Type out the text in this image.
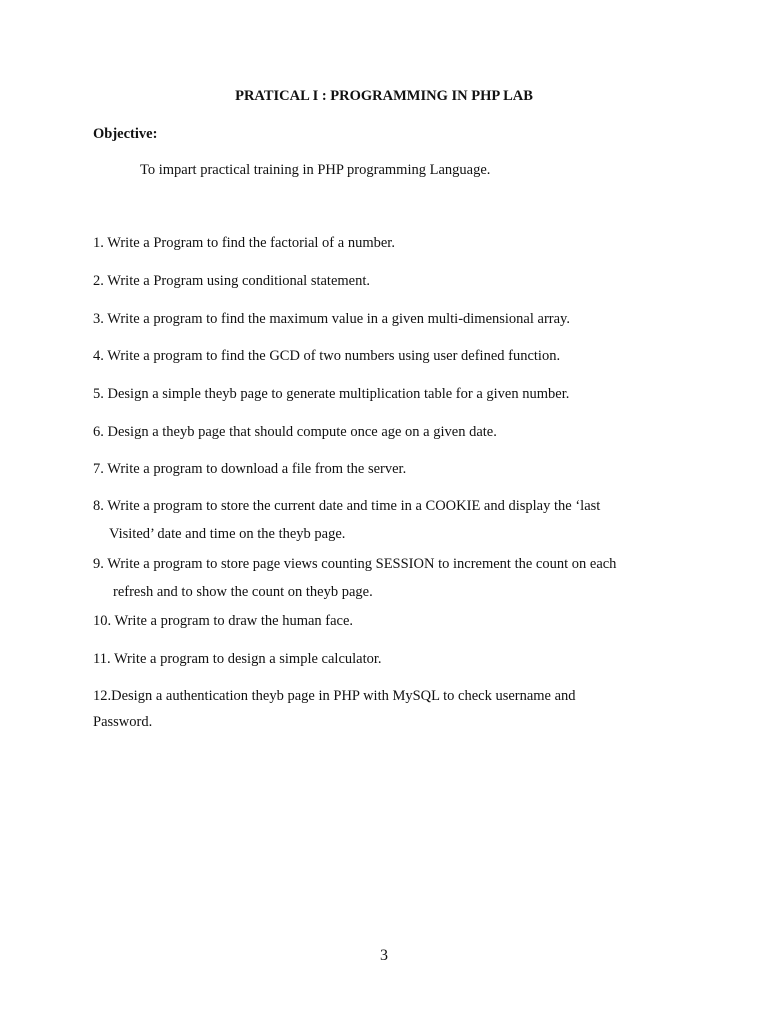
PRATICAL I : PROGRAMMING IN PHP LAB
Objective:
To impart practical training in PHP programming Language.
1. Write a Program to find the factorial of a number.
2. Write a Program using conditional statement.
3. Write a program to find the maximum value in a given multi-dimensional array.
4. Write a program to find the GCD of two numbers using user defined function.
5. Design a simple theyb page to generate multiplication table for a given number.
6. Design a theyb page that should compute once age on a given date.
7. Write a program to download a file from the server.
8. Write a program to store the current date and time in a COOKIE and display the ‘last
Visited’ date and time on the theyb page.
9. Write a program to store page views counting SESSION to increment the count on each
refresh and to show the count on theyb page.
10. Write a program to draw the human face.
11. Write a program to design a simple calculator.
12.Design a authentication theyb page in PHP with MySQL to check username and
Password.
3
